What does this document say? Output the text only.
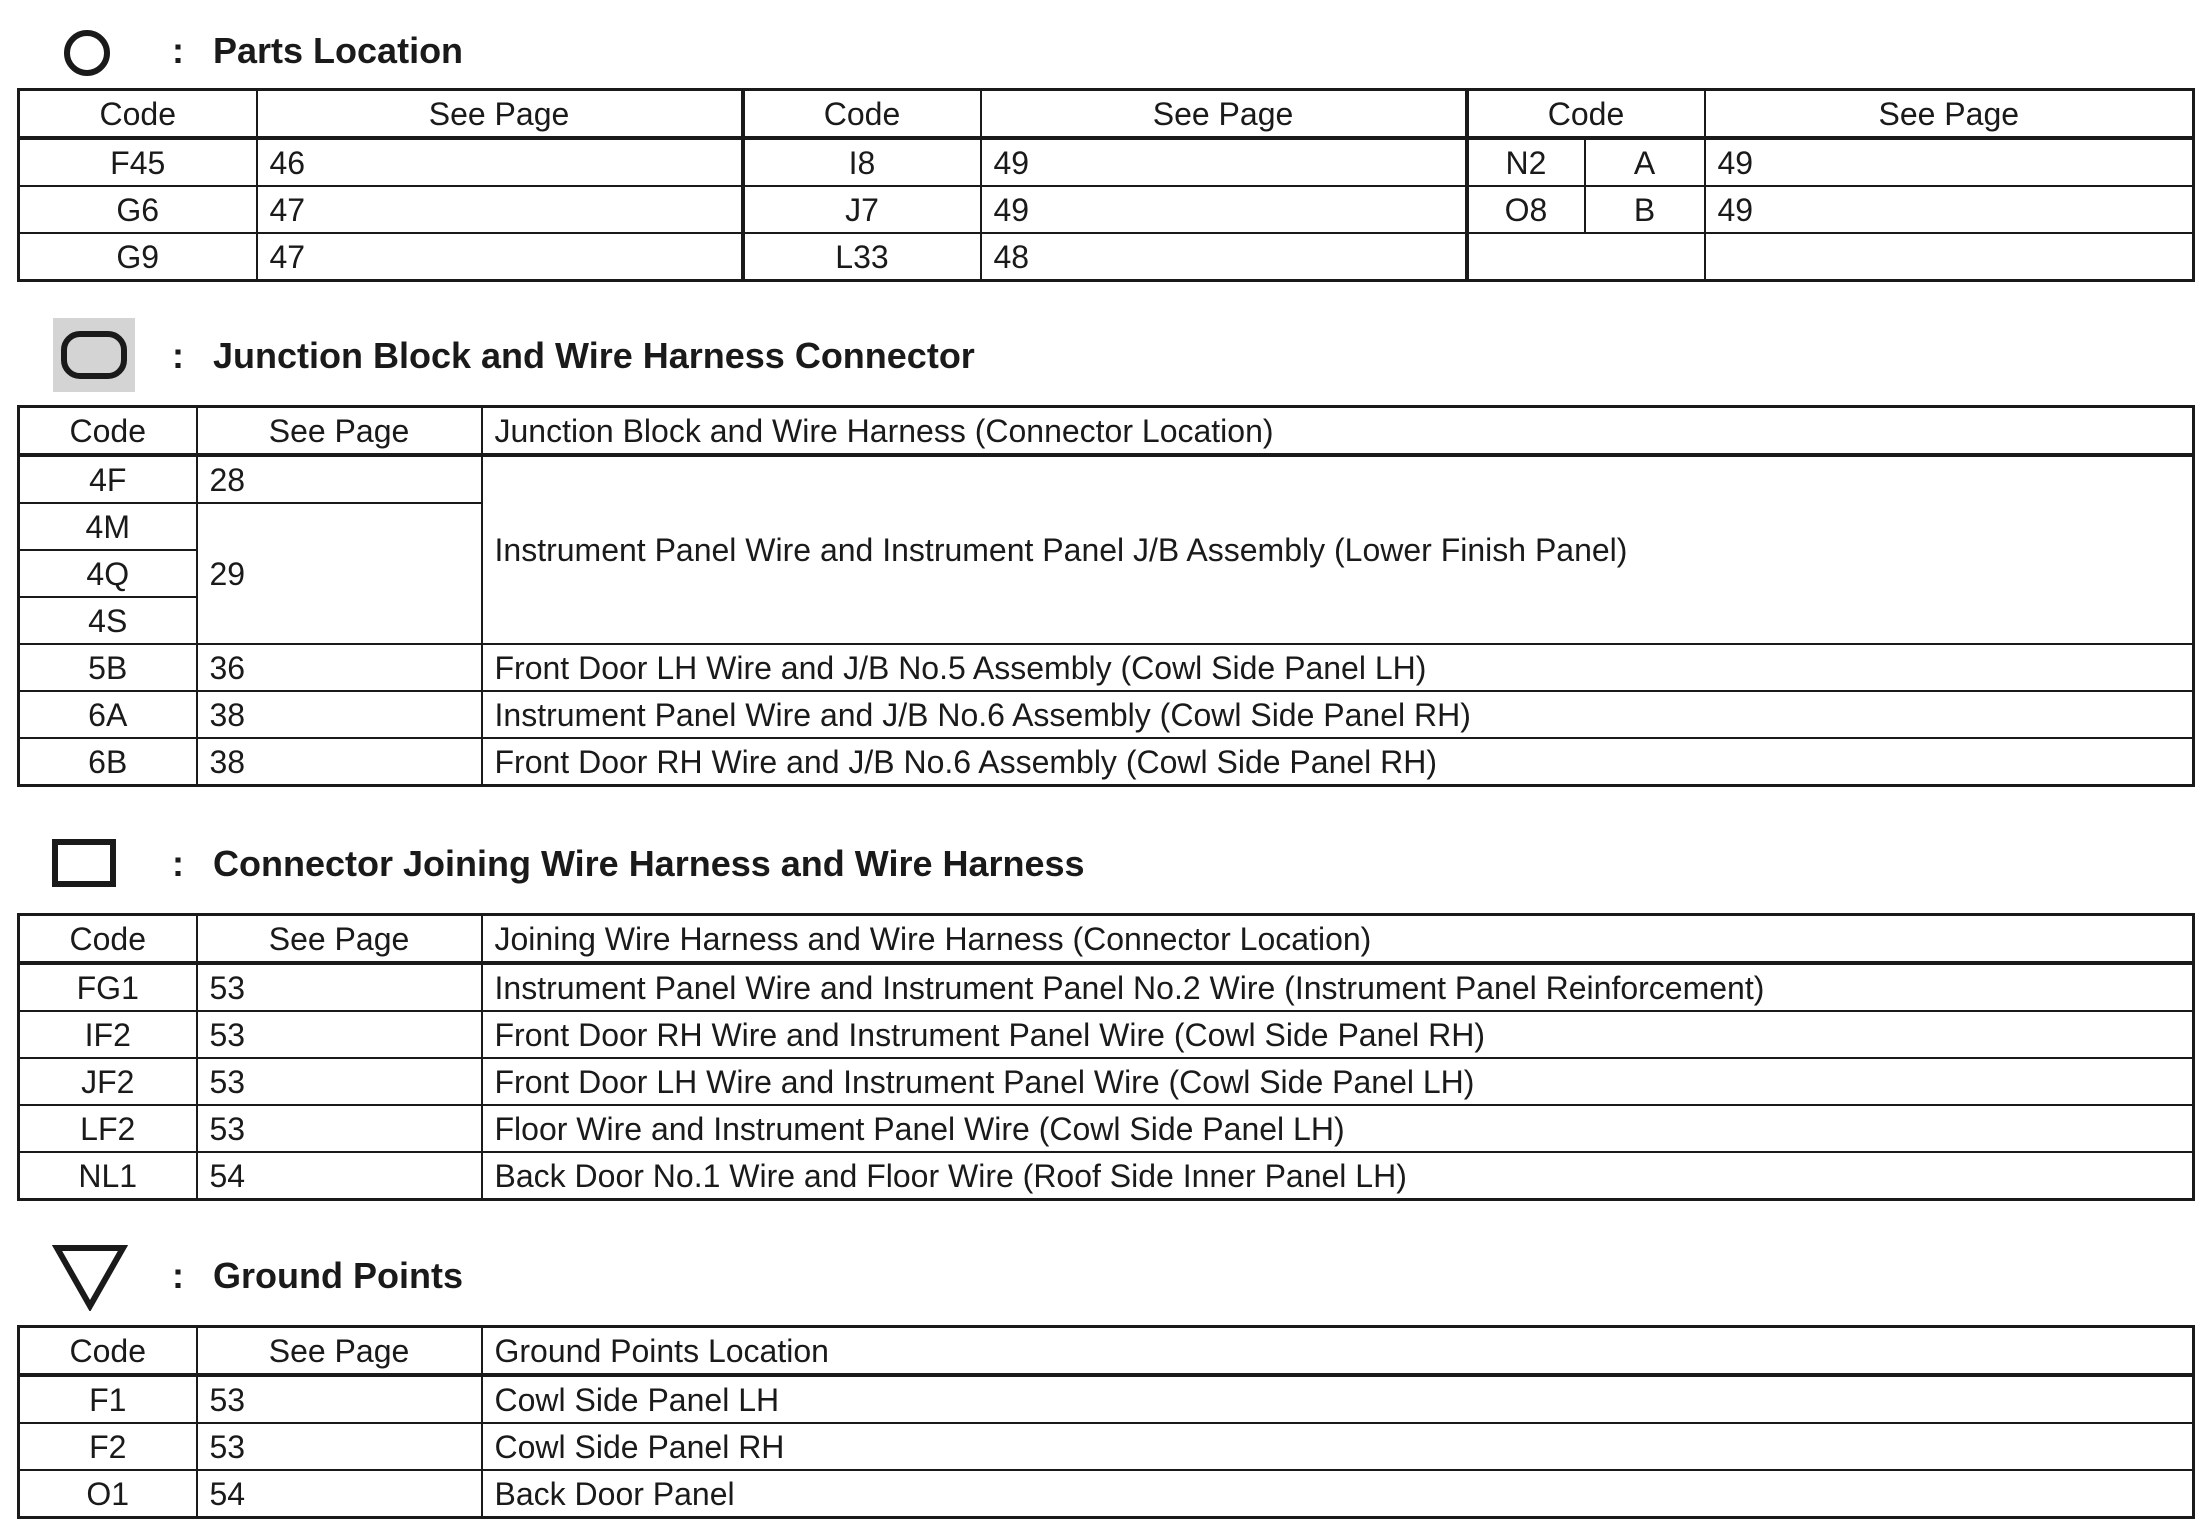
: Parts Location
Code	See Page	Code	See Page	Code		See Page
F45	46	I8	49	N2	A	49
G6	47	J7	49	O8	B	49
G9	47	L33	48			
: Junction Block and Wire Harness Connector
Code	See Page	Junction Block and Wire Harness (Connector Location)
4F	28	Instrument Panel Wire and Instrument Panel J/B Assembly (Lower Finish Panel)
4M	29	
4Q		
4S		
5B	36	Front Door LH Wire and J/B No.5 Assembly (Cowl Side Panel LH)
6A	38	Instrument Panel Wire and J/B No.6 Assembly (Cowl Side Panel RH)
6B	38	Front Door RH Wire and J/B No.6 Assembly (Cowl Side Panel RH)
: Connector Joining Wire Harness and Wire Harness
Code	See Page	Joining Wire Harness and Wire Harness (Connector Location)
FG1	53	Instrument Panel Wire and Instrument Panel No.2 Wire (Instrument Panel Reinforcement)
IF2	53	Front Door RH Wire and Instrument Panel Wire (Cowl Side Panel RH)
JF2	53	Front Door LH Wire and Instrument Panel Wire (Cowl Side Panel LH)
LF2	53	Floor Wire and Instrument Panel Wire (Cowl Side Panel LH)
NL1	54	Back Door No.1 Wire and Floor Wire (Roof Side Inner Panel LH)
: Ground Points
Code	See Page	Ground Points Location
F1	53	Cowl Side Panel LH
F2	53	Cowl Side Panel RH
O1	54	Back Door Panel
